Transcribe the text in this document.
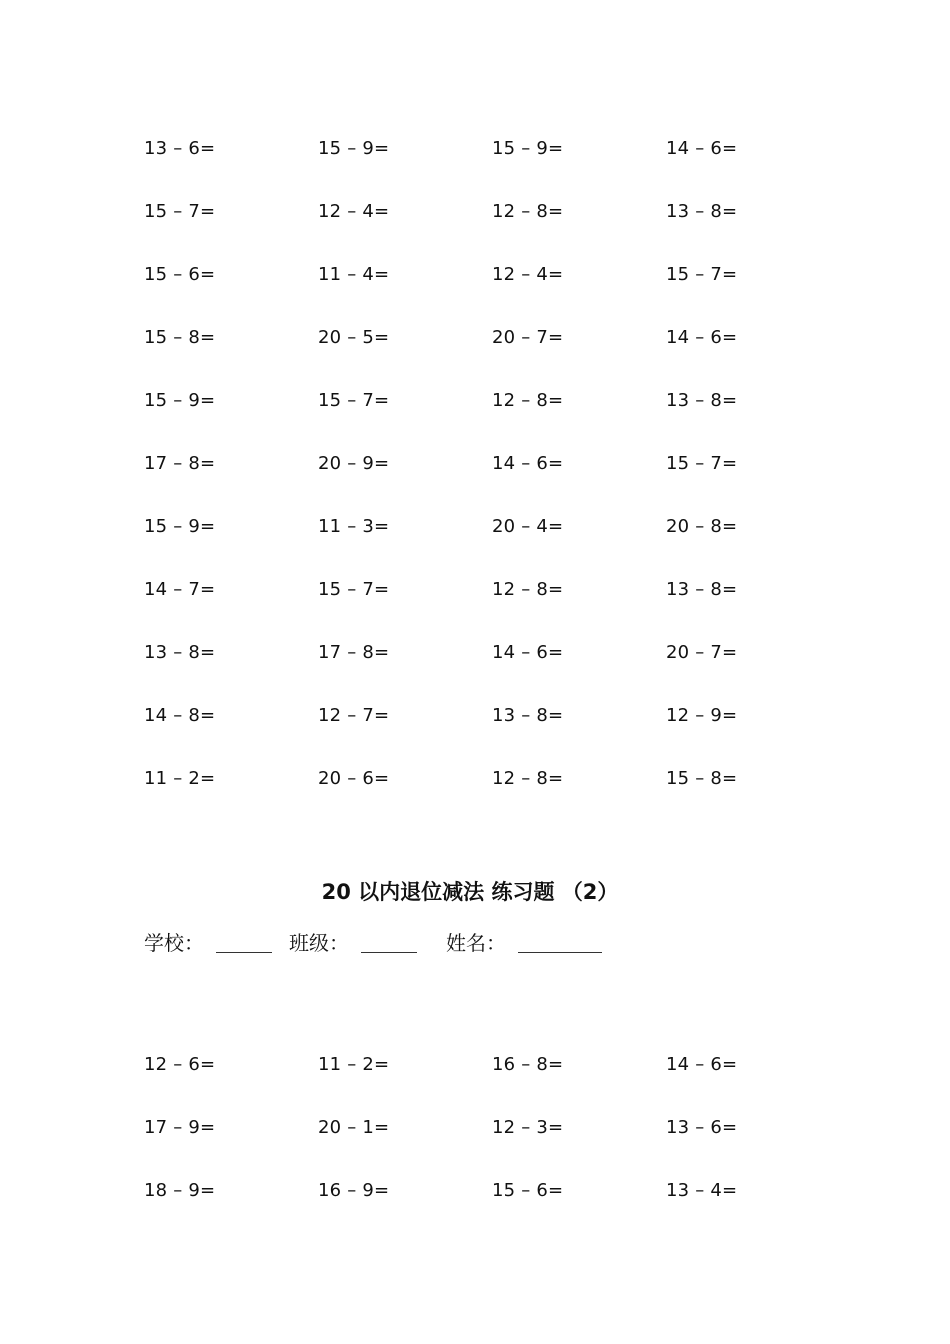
13 – 6=	15 – 9=	15 – 9=	14 – 6=
15 – 7=	12 – 4=	12 – 8=	13 – 8=
15 – 6=	11 – 4=	12 – 4=	15 – 7=
15 – 8=	20 – 5=	20 – 7=	14 – 6=
15 – 9=	15 – 7=	12 – 8=	13 – 8=
17 – 8=	20 – 9=	14 – 6=	15 – 7=
15 – 9=	11 – 3=	20 – 4=	20 – 8=
14 – 7=	15 – 7=	12 – 8=	13 – 8=
13 – 8=	17 – 8=	14 – 6=	20 – 7=
14 – 8=	12 – 7=	13 – 8=	12 – 9=
11 – 2=	20 – 6=	12 – 8=	15 – 8=
20 以内退位减法 练习题 （2）
学校：	班级：	姓名：
12 – 6=	11 – 2=	16 – 8=	14 – 6=
17 – 9=	20 – 1=	12 – 3=	13 – 6=
18 – 9=	16 – 9=	15 – 6=	13 – 4=
